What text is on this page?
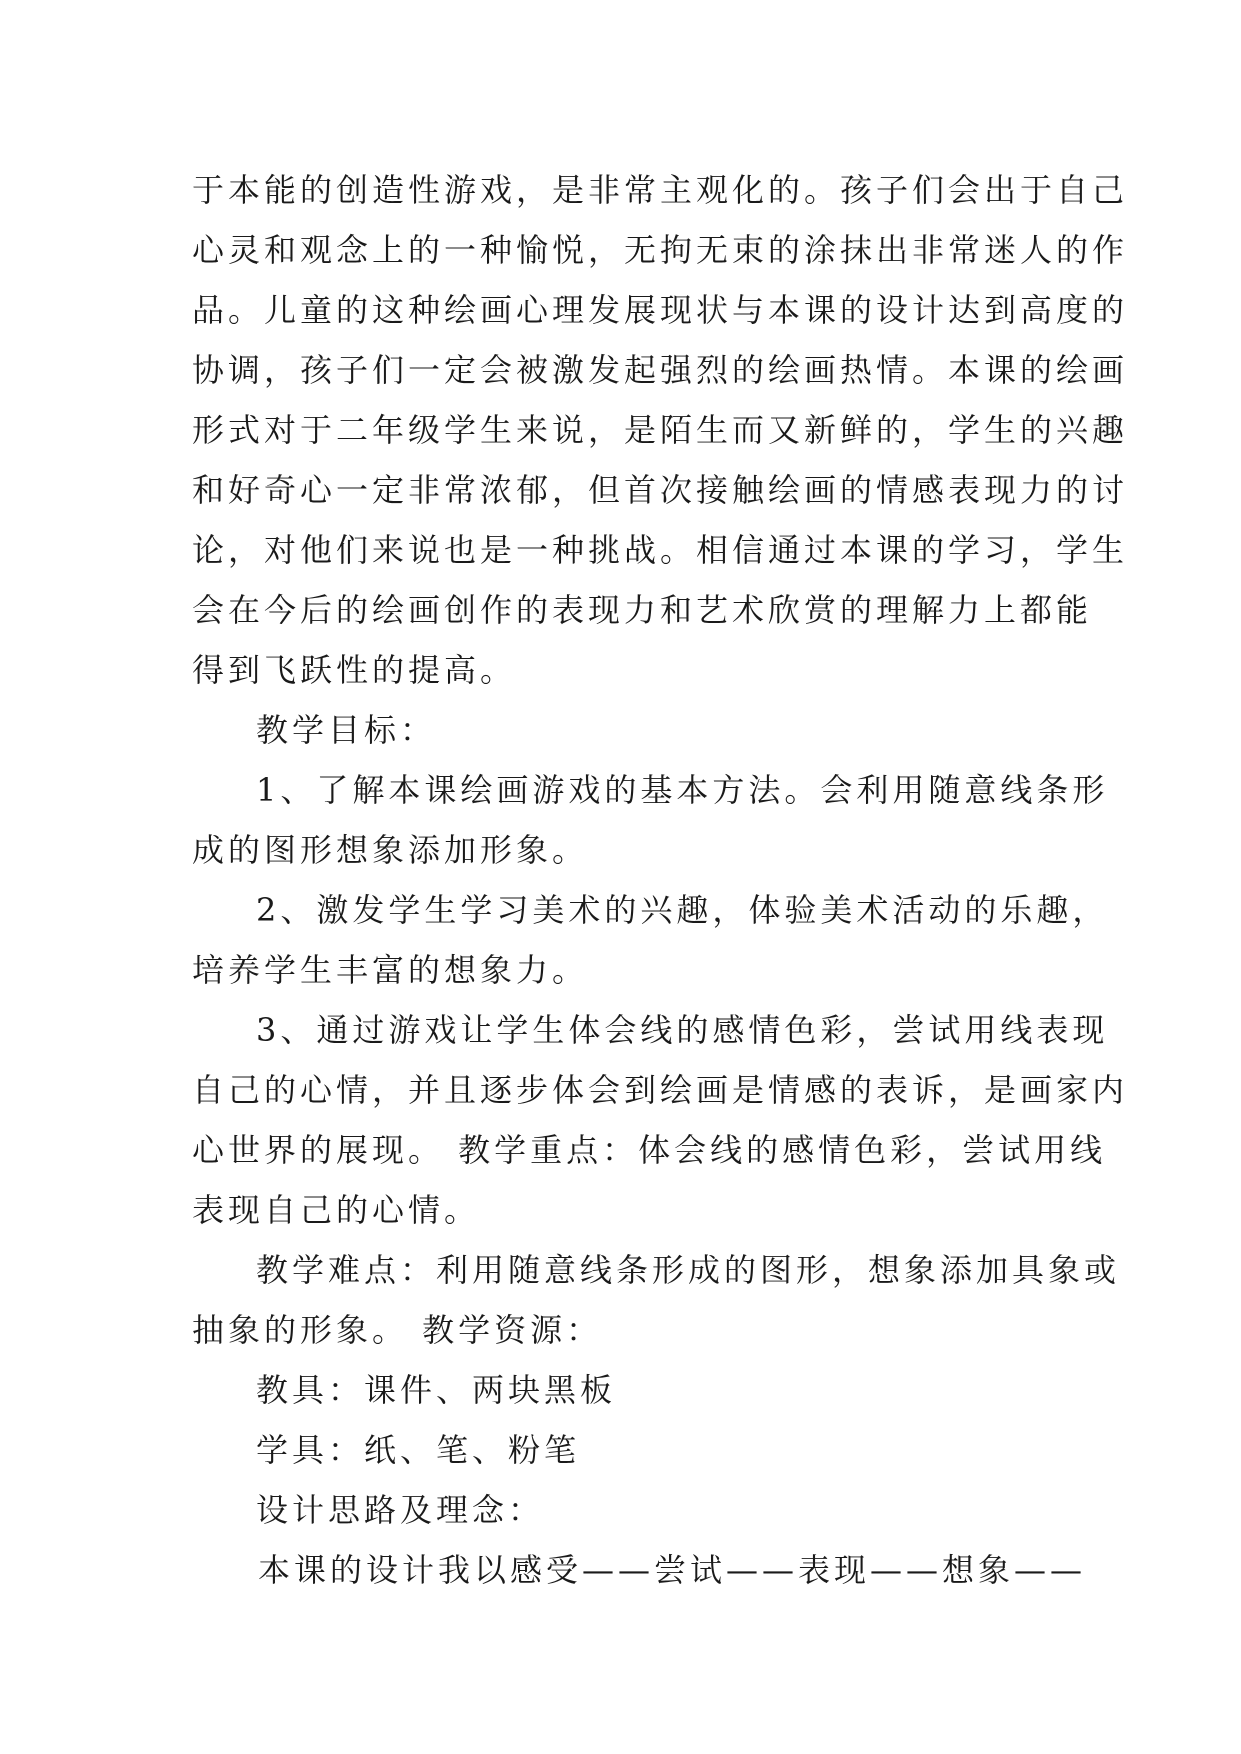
于本能的创造性游戏，是非常主观化的。孩子们会出于自己
心灵和观念上的一种愉悦，无拘无束的涂抹出非常迷人的作
品。儿童的这种绘画心理发展现状与本课的设计达到高度的
协调，孩子们一定会被激发起强烈的绘画热情。本课的绘画
形式对于二年级学生来说，是陌生而又新鲜的，学生的兴趣
和好奇心一定非常浓郁，但首次接触绘画的情感表现力的讨
论，对他们来说也是一种挑战。相信通过本课的学习，学生
会在今后的绘画创作的表现力和艺术欣赏的理解力上都能
得到飞跃性的提高。
教学目标：
1、了解本课绘画游戏的基本方法。会利用随意线条形
成的图形想象添加形象。
2、激发学生学习美术的兴趣，体验美术活动的乐趣，
培养学生丰富的想象力。
3、通过游戏让学生体会线的感情色彩，尝试用线表现
自己的心情，并且逐步体会到绘画是情感的表诉，是画家内
心世界的展现。 教学重点：体会线的感情色彩，尝试用线
表现自己的心情。
教学难点：利用随意线条形成的图形，想象添加具象或
抽象的形象。 教学资源：
教具：课件、两块黑板
学具：纸、笔、粉笔
设计思路及理念：
本课的设计我以感受——尝试——表现——想象——
